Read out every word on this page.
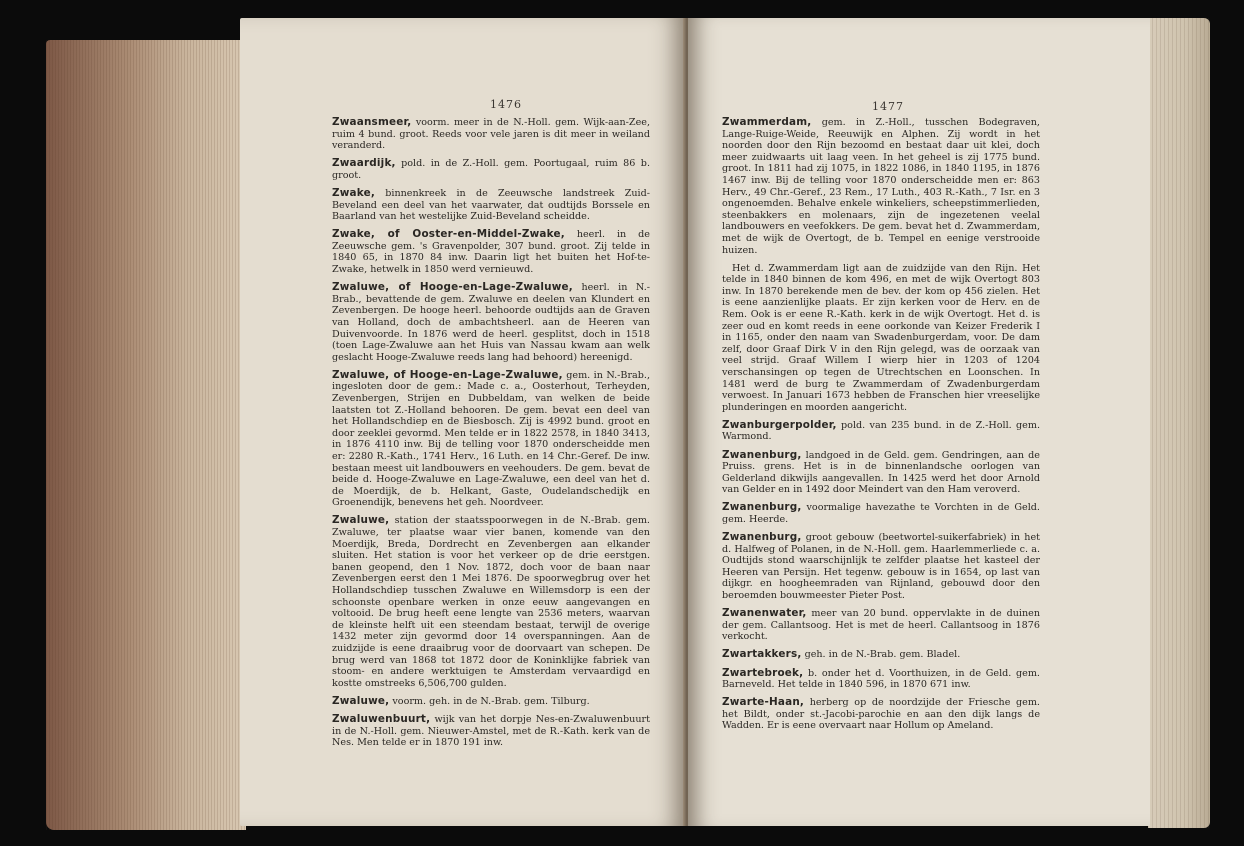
1476

Zwaansmeer, voorm. meer in de N.-Holl. gem. Wijk-aan-Zee, ruim 4 bund. groot. Reeds voor vele jaren is dit meer in weiland veranderd.

Zwaardijk, pold. in de Z.-Holl. gem. Poortugaal, ruim 86 b. groot.

Zwake, binnenkreek in de Zeeuwsche landstreek Zuid-Beveland een deel van het vaarwater, dat oudtijds Borssele en Baarland van het westelijke Zuid-Beveland scheidde.

Zwake, of Ooster-en-Middel-Zwake, heerl. in de Zeeuwsche gem. 's Gravenpolder, 307 bund. groot. Zij telde in 1840 65, in 1870 84 inw. Daarin ligt het buiten het Hof-te-Zwake, hetwelk in 1850 werd vernieuwd.

Zwaluwe, of Hooge-en-Lage-Zwaluwe, heerl. in N.-Brab., bevattende de gem. Zwaluwe en deelen van Klundert en Zevenbergen. De hooge heerl. behoorde oudtijds aan de Graven van Holland, doch de ambachtsheerl. aan de Heeren van Duivenvoorde. In 1876 werd de heerl. gesplitst, doch in 1518 (toen Lage-Zwaluwe aan het Huis van Nassau kwam aan welk geslacht Hooge-Zwaluwe reeds lang had behoord) hereenigd.

Zwaluwe, of Hooge-en-Lage-Zwaluwe, gem. in N.-Brab., ingesloten door de gem.: Made c. a., Oosterhout, Terheyden, Zevenbergen, Strijen en Dubbeldam, van welken de beide laatsten tot Z.-Holland behooren. De gem. bevat een deel van het Hollandschdiep en de Biesbosch. Zij is 4992 bund. groot en door zeeklei gevormd. Men telde er in 1822 2578, in 1840 3413, in 1876 4110 inw. Bij de telling voor 1870 onderscheidde men er: 2280 R.-Kath., 1741 Herv., 16 Luth. en 14 Chr.-Geref. De inw. bestaan meest uit landbouwers en veehouders. De gem. bevat de beide d. Hooge-Zwaluwe en Lage-Zwaluwe, een deel van het d. de Moerdijk, de b. Helkant, Gaste, Oudelandschedijk en Groenendijk, benevens het geh. Noordveer.

Zwaluwe, station der staatsspoorwegen in de N.-Brab. gem. Zwaluwe, ter plaatse waar vier banen, komende van den Moerdijk, Breda, Dordrecht en Zevenbergen aan elkander sluiten. Het station is voor het verkeer op de drie eerstgen. banen geopend, den 1 Nov. 1872, doch voor de baan naar Zevenbergen eerst den 1 Mei 1876. De spoorwegbrug over het Hollandschdiep tusschen Zwaluwe en Willemsdorp is een der schoonste openbare werken in onze eeuw aangevangen en voltooid. De brug heeft eene lengte van 2536 meters, waarvan de kleinste helft uit een steendam bestaat, terwijl de overige 1432 meter zijn gevormd door 14 overspanningen. Aan de zuidzijde is eene draaibrug voor de doorvaart van schepen. De brug werd van 1868 tot 1872 door de Koninklijke fabriek van stoom- en andere werktuigen te Amsterdam vervaardigd en kostte omstreeks 6,506,700 gulden.

Zwaluwe, voorm. geh. in de N.-Brab. gem. Tilburg.

Zwaluwenbuurt, wijk van het dorpje Nes-en-Zwaluwenbuurt in de N.-Holl. gem. Nieuwer-Amstel, met de R.-Kath. kerk van de Nes. Men telde er in 1870 191 inw.

1477

Zwammerdam, gem. in Z.-Holl., tusschen Bodegraven, Lange-Ruige-Weide, Reeuwijk en Alphen. Zij wordt in het noorden door den Rijn bezoomd en bestaat daar uit klei, doch meer zuidwaarts uit laag veen. In het geheel is zij 1775 bund. groot. In 1811 had zij 1075, in 1822 1086, in 1840 1195, in 1876 1467 inw. Bij de telling voor 1870 onderscheidde men er: 863 Herv., 49 Chr.-Geref., 23 Rem., 17 Luth., 403 R.-Kath., 7 Isr. en 3 ongenoemden. Behalve enkele winkeliers, scheepstimmerlieden, steenbakkers en molenaars, zijn de ingezetenen veelal landbouwers en veefokkers. De gem. bevat het d. Zwammerdam, met de wijk de Overtogt, de b. Tempel en eenige verstrooide huizen.

Het d. Zwammerdam ligt aan de zuidzijde van den Rijn. Het telde in 1840 binnen de kom 496, en met de wijk Overtogt 803 inw. In 1870 berekende men de bev. der kom op 456 zielen. Het is eene aanzienlijke plaats. Er zijn kerken voor de Herv. en de Rem. Ook is er eene R.-Kath. kerk in de wijk Overtogt. Het d. is zeer oud en komt reeds in eene oorkonde van Keizer Frederik I in 1165, onder den naam van Swadenburgerdam, voor. De dam zelf, door Graaf Dirk V in den Rijn gelegd, was de oorzaak van veel strijd. Graaf Willem I wierp hier in 1203 of 1204 verschansingen op tegen de Utrechtschen en Loonschen. In 1481 werd de burg te Zwammerdam of Zwadenburgerdam verwoest. In Januari 1673 hebben de Franschen hier vreeselijke plunderingen en moorden aangericht.

Zwanburgerpolder, pold. van 235 bund. in de Z.-Holl. gem. Warmond.

Zwanenburg, landgoed in de Geld. gem. Gendringen, aan de Pruiss. grens. Het is in de binnenlandsche oorlogen van Gelderland dikwijls aangevallen. In 1425 werd het door Arnold van Gelder en in 1492 door Meindert van den Ham veroverd.

Zwanenburg, voormalige havezathe te Vorchten in de Geld. gem. Heerde.

Zwanenburg, groot gebouw (beetwortel-suikerfabriek) in het d. Halfweg of Polanen, in de N.-Holl. gem. Haarlemmerliede c. a. Oudtijds stond waarschijnlijk te zelfder plaatse het kasteel der Heeren van Persijn. Het tegenw. gebouw is in 1654, op last van dijkgr. en hoogheemraden van Rijnland, gebouwd door den beroemden bouwmeester Pieter Post.

Zwanenwater, meer van 20 bund. oppervlakte in de duinen der gem. Callantsoog. Het is met de heerl. Callantsoog in 1876 verkocht.

Zwartakkers, geh. in de N.-Brab. gem. Bladel.

Zwartebroek, b. onder het d. Voorthuizen, in de Geld. gem. Barneveld. Het telde in 1840 596, in 1870 671 inw.

Zwarte-Haan, herberg op de noordzijde der Friesche gem. het Bildt, onder st.-Jacobi-parochie en aan den dijk langs de Wadden. Er is eene overvaart naar Hollum op Ameland.
